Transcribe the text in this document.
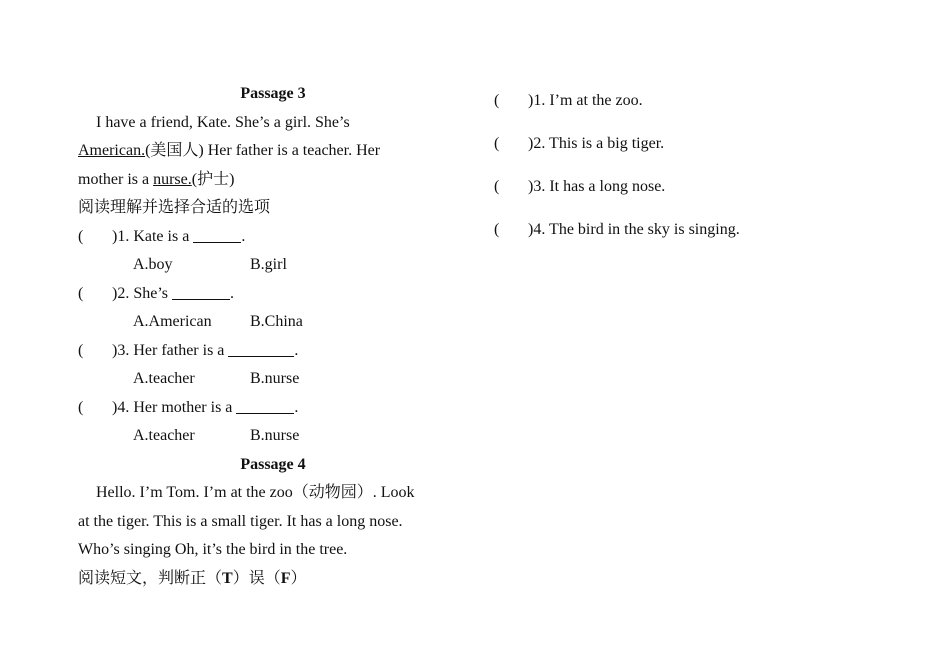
Passage 3
I have a friend, Kate. She’s a girl. She’s
American.(美国人) Her father is a teacher. Her
mother is a nurse.(护士)
阅读理解并选择合适的选项
( )1. Kate is a	.
A.boy	B.girl
( )2. She’s	.
A.American B.China
( )3. Her father is a	.
A.teacher	B.nurse
( )4. Her mother is a	.
A.teacher	B.nurse
Passage 4
Hello. I’m Tom. I’m at the zoo（动物园）. Look
at the tiger. This is a small tiger. It has a long nose.
Who’s singing Oh, it’s the bird in the tree.
阅读短文，判断正（T）误（F）
( )1. I’m at the zoo.
( )2. This is a big tiger.
( )3. It has a long nose.
( )4. The bird in the sky is singing.
